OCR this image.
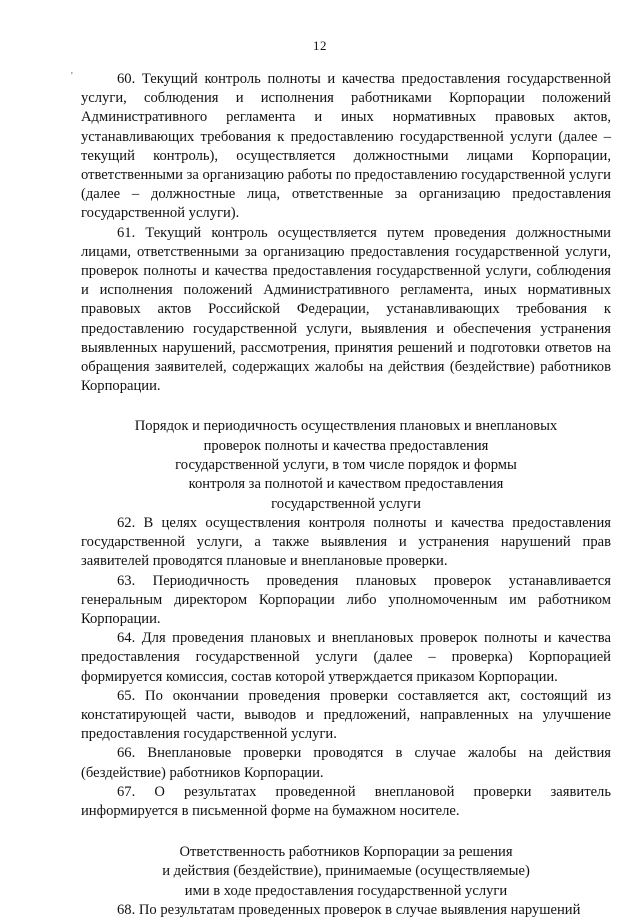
12
'	60. Текущий контроль полноты и качества предоставления государственной услуги, соблюдения и исполнения работниками Корпорации положений Административного регламента и иных нормативных правовых актов, устанавливающих требования к предоставлению государственной услуги (далее – текущий контроль), осуществляется должностными лицами Корпорации, ответственными за организацию работы по предоставлению государственной услуги (далее – должностные лица, ответственные за организацию предоставления государственной услуги).

61. Текущий контроль осуществляется путем проведения должностными лицами, ответственными за организацию предоставления государственной услуги, проверок полноты и качества предоставления государственной услуги, соблюдения и исполнения положений Административного регламента, иных нормативных правовых актов Российской Федерации, устанавливающих требования к предоставлению государственной услуги, выявления и обеспечения устранения выявленных нарушений, рассмотрения, принятия решений и подготовки ответов на обращения заявителей, содержащих жалобы на действия (бездействие) работников Корпорации.

Порядок и периодичность осуществления плановых и внеплановых
проверок полноты и качества предоставления
государственной услуги, в том числе порядок и формы
контроля за полнотой и качеством предоставления
государственной услуги

62. В целях осуществления контроля полноты и качества предоставления государственной услуги, а также выявления и устранения нарушений прав заявителей проводятся плановые и внеплановые проверки.

63. Периодичность проведения плановых проверок устанавливается генеральным директором Корпорации либо уполномоченным им работником Корпорации.

64. Для проведения плановых и внеплановых проверок полноты и качества предоставления государственной услуги (далее – проверка) Корпорацией формируется комиссия, состав которой утверждается приказом Корпорации.

65. По окончании проведения проверки составляется акт, состоящий из констатирующей части, выводов и предложений, направленных на улучшение предоставления государственной услуги.

66. Внеплановые проверки проводятся в случае жалобы на действия (бездействие) работников Корпорации.

67. О результатах проведенной внеплановой проверки заявитель информируется в письменной форме на бумажном носителе.

Ответственность работников Корпорации за решения
и действия (бездействие), принимаемые (осуществляемые)
ими в ходе предоставления государственной услуги

68. По результатам проведенных проверок в случае выявления нарушений
